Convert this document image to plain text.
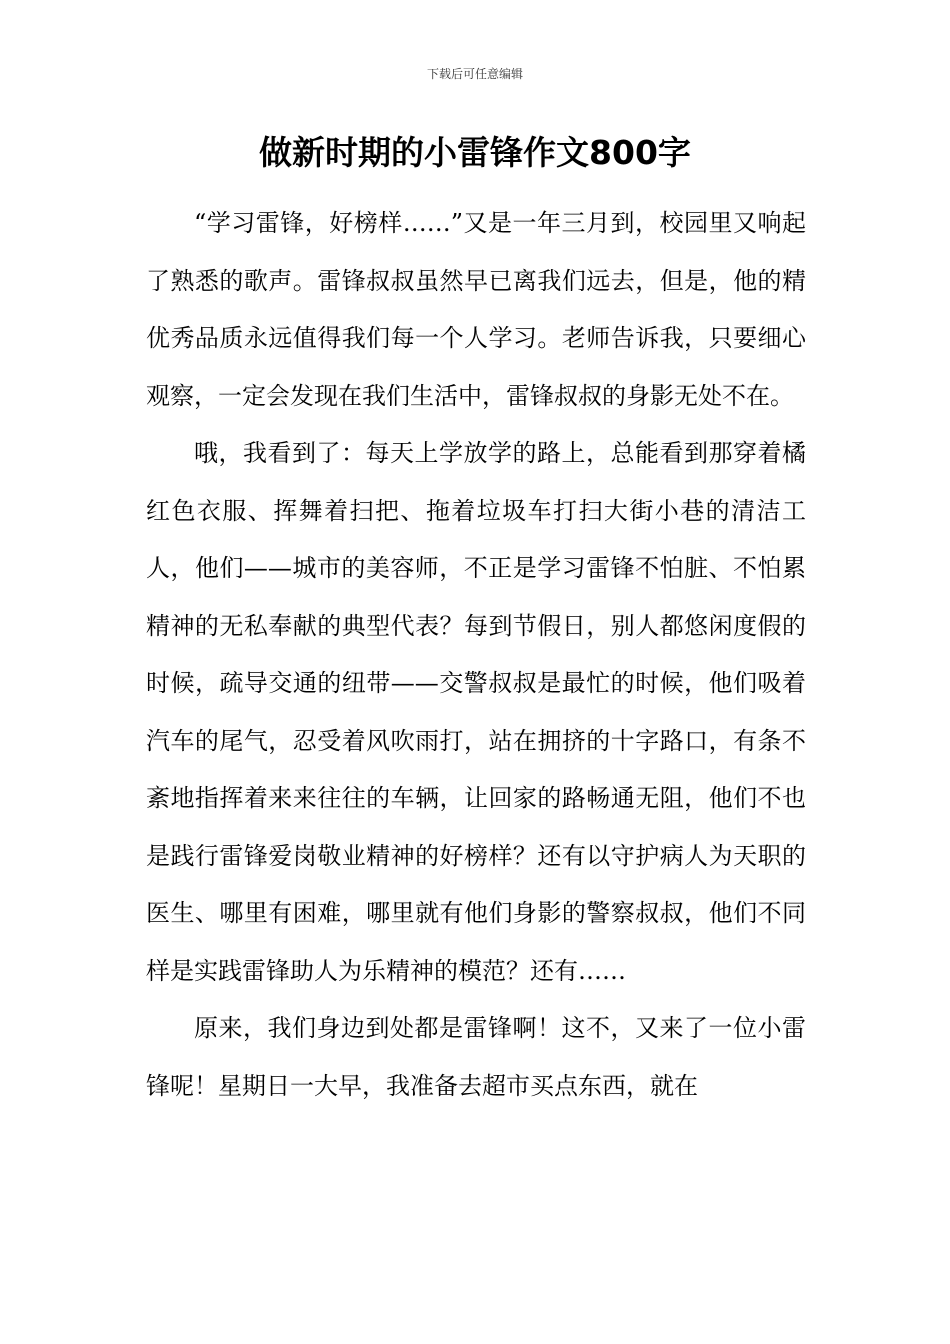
下载后可任意编辑
做新时期的小雷锋作文800字

“学习雷锋，好榜样……”又是一年三月到，校园里又响起了熟悉的歌声。雷锋叔叔虽然早已离我们远去，但是，他的精优秀品质永远值得我们每一个人学习。老师告诉我，只要细心观察，一定会发现在我们生活中，雷锋叔叔的身影无处不在。

哦，我看到了：每天上学放学的路上，总能看到那穿着橘红色衣服、挥舞着扫把、拖着垃圾车打扫大街小巷的清洁工人，他们——城市的美容师，不正是学习雷锋不怕脏、不怕累精神的无私奉献的典型代表？每到节假日，别人都悠闲度假的时候，疏导交通的纽带——交警叔叔是最忙的时候，他们吸着汽车的尾气，忍受着风吹雨打，站在拥挤的十字路口，有条不紊地指挥着来来往往的车辆，让回家的路畅通无阻，他们不也是践行雷锋爱岗敬业精神的好榜样？还有以守护病人为天职的医生、哪里有困难，哪里就有他们身影的警察叔叔，他们不同样是实践雷锋助人为乐精神的模范？还有……

原来，我们身边到处都是雷锋啊！这不，又来了一位小雷锋呢！星期日一大早，我准备去超市买点东西，就在
